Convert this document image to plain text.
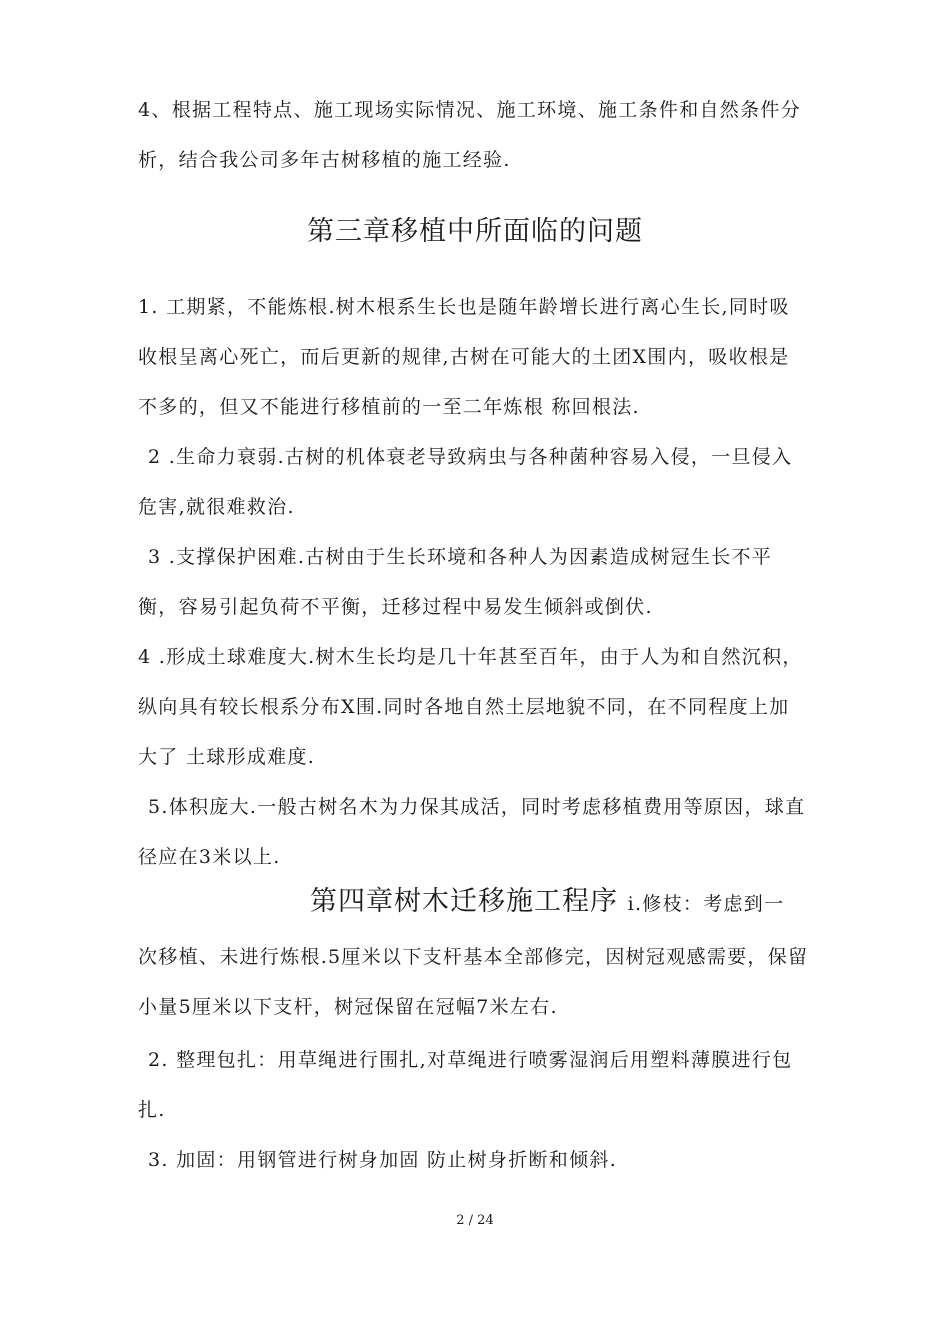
4、根据工程特点、施工现场实际情况、施工环境、施工条件和自然条件分
析，结合我公司多年古树移植的施工经验.
第三章移植中所面临的问题
1. 工期紧，不能炼根.树木根系生长也是随年龄增长进行离心生长,同时吸
收根呈离心死亡，而后更新的规律,古树在可能大的土团X围内，吸收根是
不多的，但又不能进行移植前的一至二年炼根 称回根法.
2 .生命力衰弱.古树的机体衰老导致病虫与各种菌种容易入侵，一旦侵入
危害,就很难救治.
3 .支撑保护困难.古树由于生长环境和各种人为因素造成树冠生长不平
衡，容易引起负荷不平衡，迁移过程中易发生倾斜或倒伏.
4 .形成土球难度大.树木生长均是几十年甚至百年，由于人为和自然沉积，
纵向具有较长根系分布X围.同时各地自然土层地貌不同，在不同程度上加
大了 土球形成难度.
5.体积庞大.一般古树名木为力保其成活，同时考虑移植费用等原因，球直
径应在3米以上.
第四章树木迁移施工程序 i.修枝：考虑到一
次移植、未进行炼根.5厘米以下支杆基本全部修完，因树冠观感需要，保留
小量5厘米以下支杆，树冠保留在冠幅7米左右.
2. 整理包扎：用草绳进行围扎,对草绳进行喷雾湿润后用塑料薄膜进行包
扎.
3. 加固：用钢管进行树身加固 防止树身折断和倾斜.
2 / 24
